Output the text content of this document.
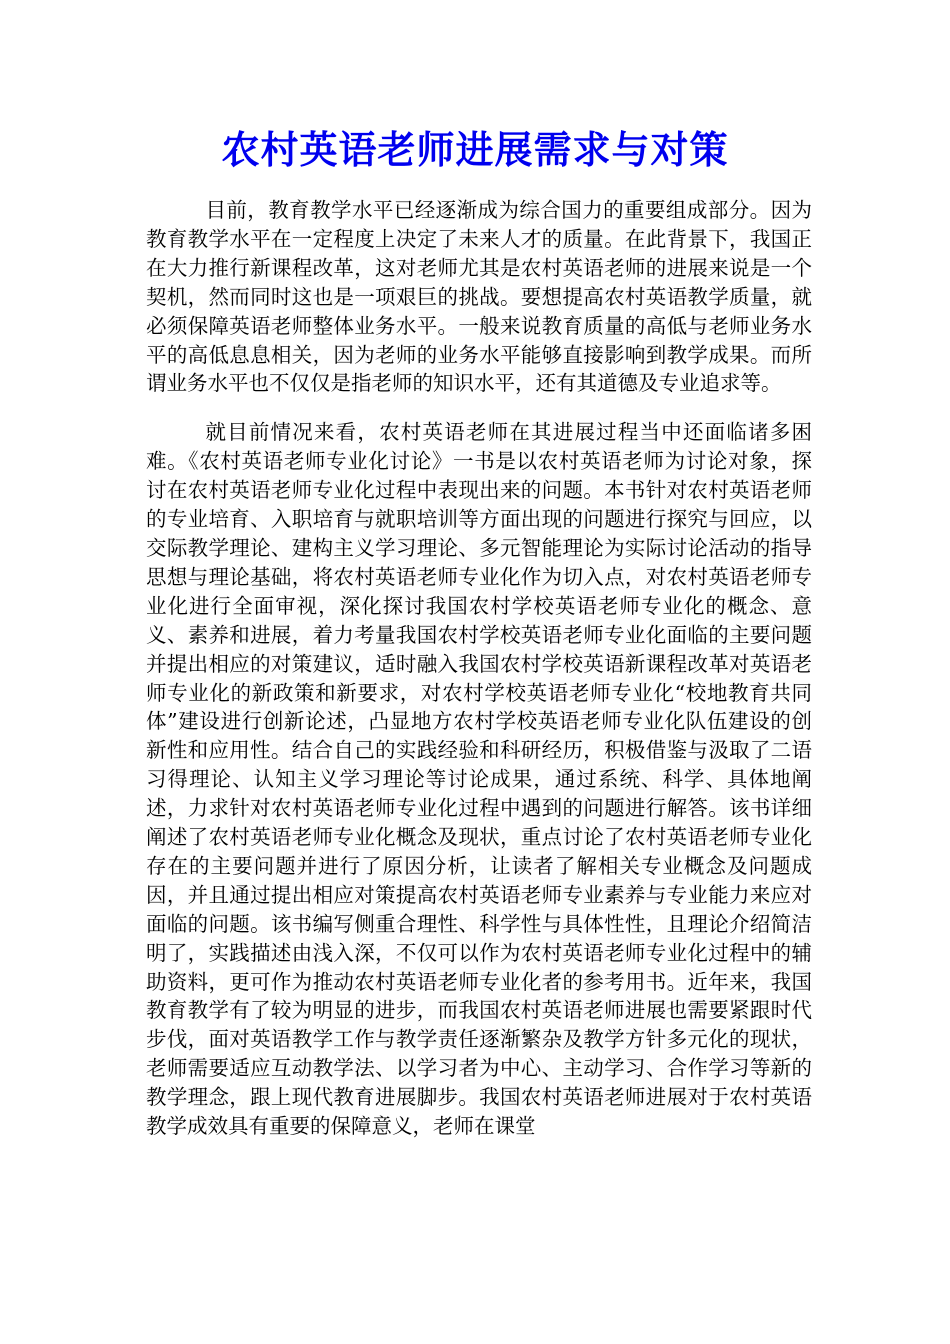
农村英语老师进展需求与对策

目前，教育教学水平已经逐渐成为综合国力的重要组成部分。因为教育教学水平在一定程度上决定了未来人才的质量。在此背景下，我国正在大力推行新课程改革，这对老师尤其是农村英语老师的进展来说是一个契机，然而同时这也是一项艰巨的挑战。要想提高农村英语教学质量，就必须保障英语老师整体业务水平。一般来说教育质量的高低与老师业务水平的高低息息相关，因为老师的业务水平能够直接影响到教学成果。而所谓业务水平也不仅仅是指老师的知识水平，还有其道德及专业追求等。

就目前情况来看，农村英语老师在其进展过程当中还面临诸多困难。《农村英语老师专业化讨论》一书是以农村英语老师为讨论对象，探讨在农村英语老师专业化过程中表现出来的问题。本书针对农村英语老师的专业培育、入职培育与就职培训等方面出现的问题进行探究与回应，以交际教学理论、建构主义学习理论、多元智能理论为实际讨论活动的指导思想与理论基础，将农村英语老师专业化作为切入点，对农村英语老师专业化进行全面审视，深化探讨我国农村学校英语老师专业化的概念、意义、素养和进展，着力考量我国农村学校英语老师专业化面临的主要问题并提出相应的对策建议，适时融入我国农村学校英语新课程改革对英语老师专业化的新政策和新要求，对农村学校英语老师专业化“校地教育共同体”建设进行创新论述，凸显地方农村学校英语老师专业化队伍建设的创新性和应用性。结合自己的实践经验和科研经历，积极借鉴与汲取了二语习得理论、认知主义学习理论等讨论成果，通过系统、科学、具体地阐述，力求针对农村英语老师专业化过程中遇到的问题进行解答。该书详细阐述了农村英语老师专业化概念及现状，重点讨论了农村英语老师专业化存在的主要问题并进行了原因分析，让读者了解相关专业概念及问题成因，并且通过提出相应对策提高农村英语老师专业素养与专业能力来应对面临的问题。该书编写侧重合理性、科学性与具体性性，且理论介绍简洁明了，实践描述由浅入深，不仅可以作为农村英语老师专业化过程中的辅助资料，更可作为推动农村英语老师专业化者的参考用书。近年来，我国教育教学有了较为明显的进步，而我国农村英语老师进展也需要紧跟时代步伐，面对英语教学工作与教学责任逐渐繁杂及教学方针多元化的现状，老师需要适应互动教学法、以学习者为中心、主动学习、合作学习等新的教学理念，跟上现代教育进展脚步。我国农村英语老师进展对于农村英语教学成效具有重要的保障意义，老师在课堂
